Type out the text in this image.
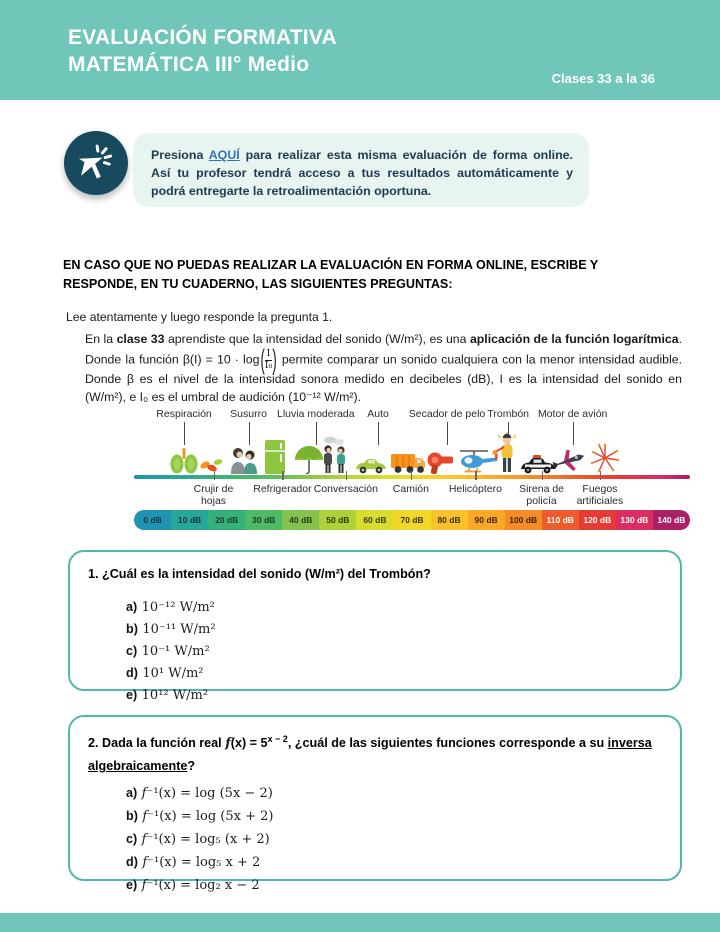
EVALUACIÓN FORMATIVA
MATEMÁTICA III° Medio
Clases 33 a la 36
Presiona AQUÍ para realizar esta misma evaluación de forma online. Así tu profesor tendrá acceso a tus resultados automáticamente y podrá entregarte la retroalimentación oportuna.
EN CASO QUE NO PUEDAS REALIZAR LA EVALUACIÓN EN FORMA ONLINE, ESCRIBE Y RESPONDE, EN TU CUADERNO, LAS SIGUIENTES PREGUNTAS:
Lee atentamente y luego responde la pregunta 1.
En la clase 33 aprendiste que la intensidad del sonido (W/m²), es una aplicación de la función logarítmica. Donde la función β(I) = 10 · log ( $\frac{I}{\text{I₀}}$ ) permite comparar un sonido cualquiera con la menor intensidad audible. Donde β es el nivel de la intensidad sonora medido en decibeles (dB), I es la intensidad del sonido en (W/m²), e I₀ es el umbral de audición (10⁻¹² W/m²).
Respiración Susurro Lluvia moderada Auto Secador de pelo Trombón Motor de avión
Crujir de hojas
Refrigerador Conversación	Camión	Helicóptero	Sirena de policía
Fuegos artificiales
0 dB	10 dB	20 dB	30 dB	40 dB	50 dB	60 dB	70 dB	80 dB	90 dB	100 dB	110 dB	120 dB	130 dB	140 dB
1. ¿Cuál es la intensidad del sonido (W/m²) del Trombón?
a) 10⁻¹² W/m²
b) 10⁻¹¹ W/m²
c) 10⁻¹ W/m²
d) 10¹ W/m²
e) 10¹² W/m²
2. Dada la función real $f(x) = 5^{x - 2}$, ¿cuál de las siguientes funciones corresponde a su inversa algebraicamente?
a) f⁻¹(x) = log (5x − 2)
b) f⁻¹(x) = log (5x + 2)
c) f⁻¹(x) = log₅ (x + 2)
d) f⁻¹(x) = log₅ x + 2
e) f⁻¹(x) = log₂ x − 2
